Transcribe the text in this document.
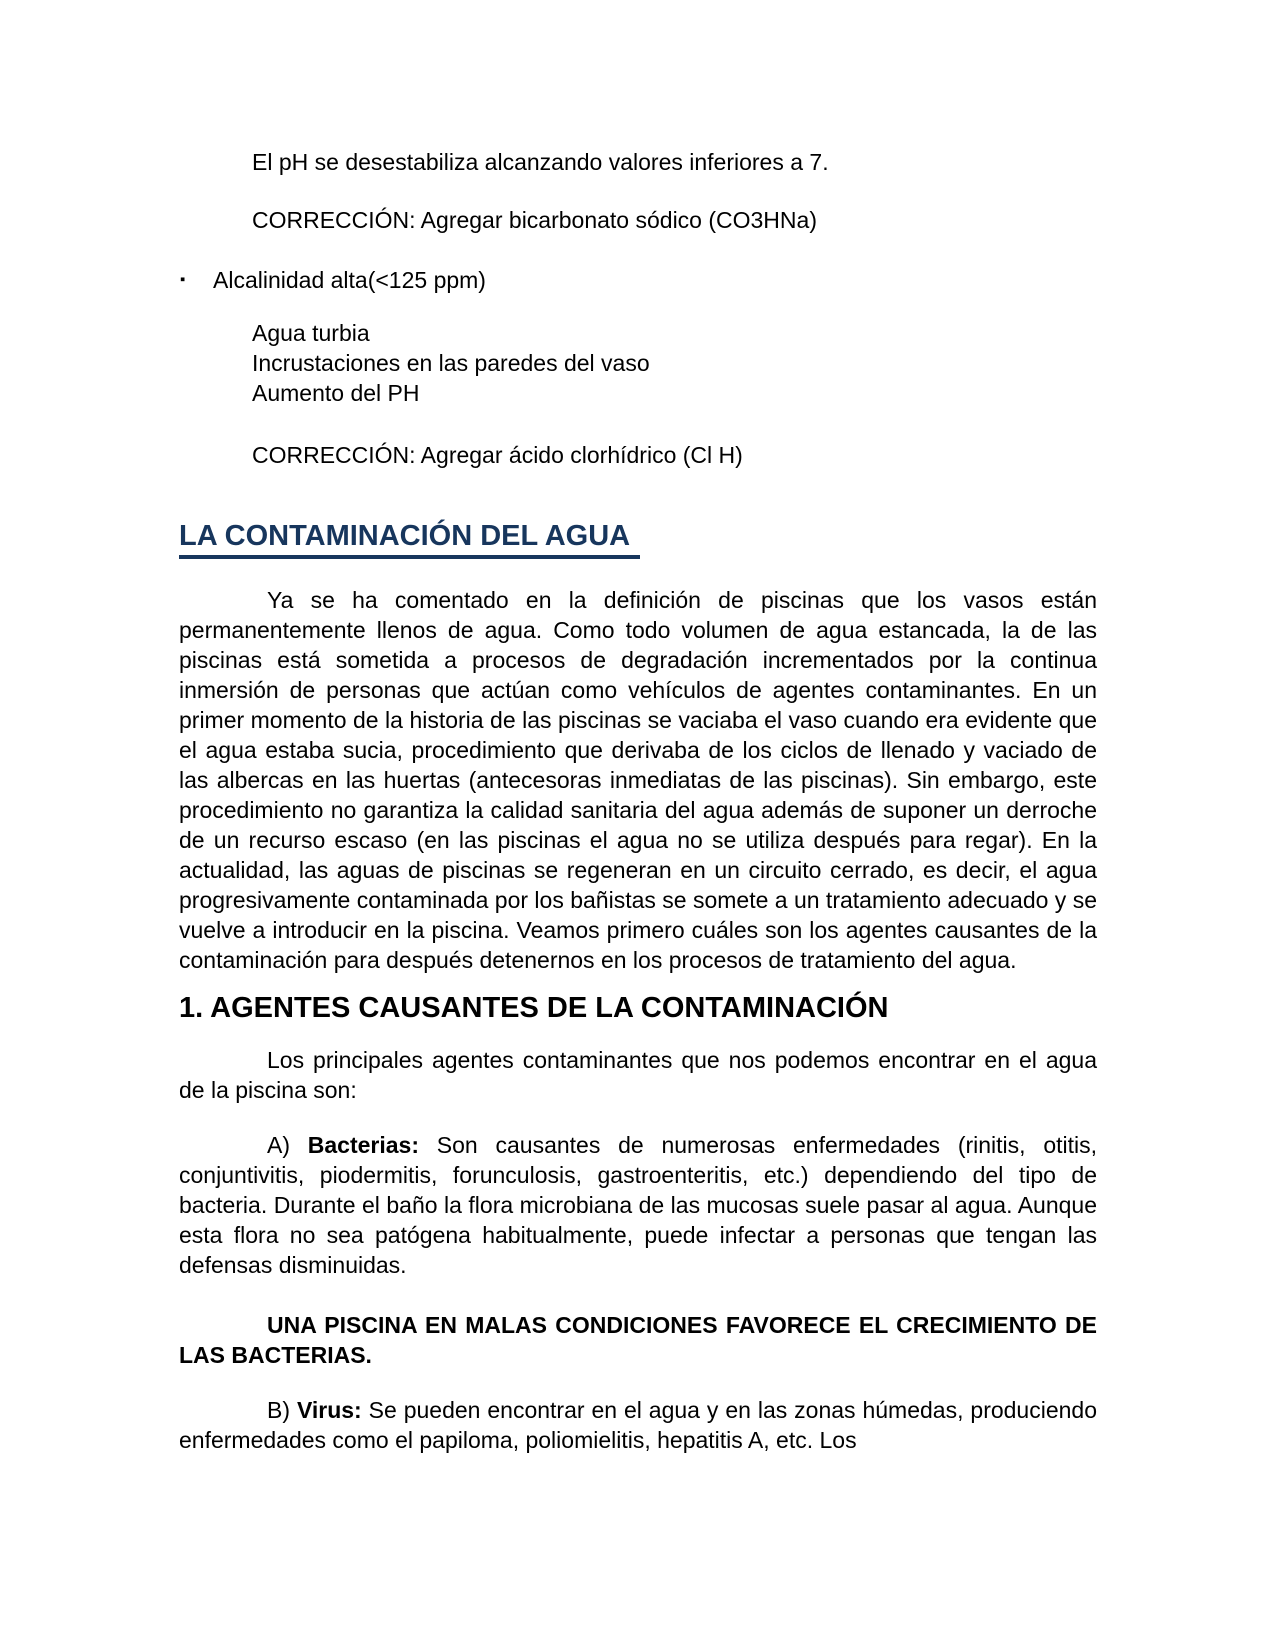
El pH se desestabiliza alcanzando valores inferiores a 7.

CORRECCIÓN: Agregar bicarbonato sódico (CO3HNa)

▪ Alcalinidad alta(<125 ppm)
Agua turbia
Incrustaciones en las paredes del vaso
Aumento del PH

CORRECCIÓN: Agregar ácido clorhídrico (Cl H)

LA CONTAMINACIÓN DEL AGUA

Ya se ha comentado en la definición de piscinas que los vasos están permanentemente llenos de agua. Como todo volumen de agua estancada, la de las piscinas está sometida a procesos de degradación incrementados por la continua inmersión de personas que actúan como vehículos de agentes contaminantes. En un primer momento de la historia de las piscinas se vaciaba el vaso cuando era evidente que el agua estaba sucia, procedimiento que derivaba de los ciclos de llenado y vaciado de las albercas en las huertas (antecesoras inmediatas de las piscinas). Sin embargo, este procedimiento no garantiza la calidad sanitaria del agua además de suponer un derroche de un recurso escaso (en las piscinas el agua no se utiliza después para regar). En la actualidad, las aguas de piscinas se regeneran en un circuito cerrado, es decir, el agua progresivamente contaminada por los bañistas se somete a un tratamiento adecuado y se vuelve a introducir en la piscina. Veamos primero cuáles son los agentes causantes de la contaminación para después detenernos en los procesos de tratamiento del agua.

1. AGENTES CAUSANTES DE LA CONTAMINACIÓN

Los principales agentes contaminantes que nos podemos encontrar en el agua de la piscina son:

A) Bacterias: Son causantes de numerosas enfermedades (rinitis, otitis, conjuntivitis, piodermitis, forunculosis, gastroenteritis, etc.) dependiendo del tipo de bacteria. Durante el baño la flora microbiana de las mucosas suele pasar al agua. Aunque esta flora no sea patógena habitualmente, puede infectar a personas que tengan las defensas disminuidas.

UNA PISCINA EN MALAS CONDICIONES FAVORECE EL CRECIMIENTO DE LAS BACTERIAS.

B) Virus: Se pueden encontrar en el agua y en las zonas húmedas, produciendo enfermedades como el papiloma, poliomielitis, hepatitis A, etc. Los
